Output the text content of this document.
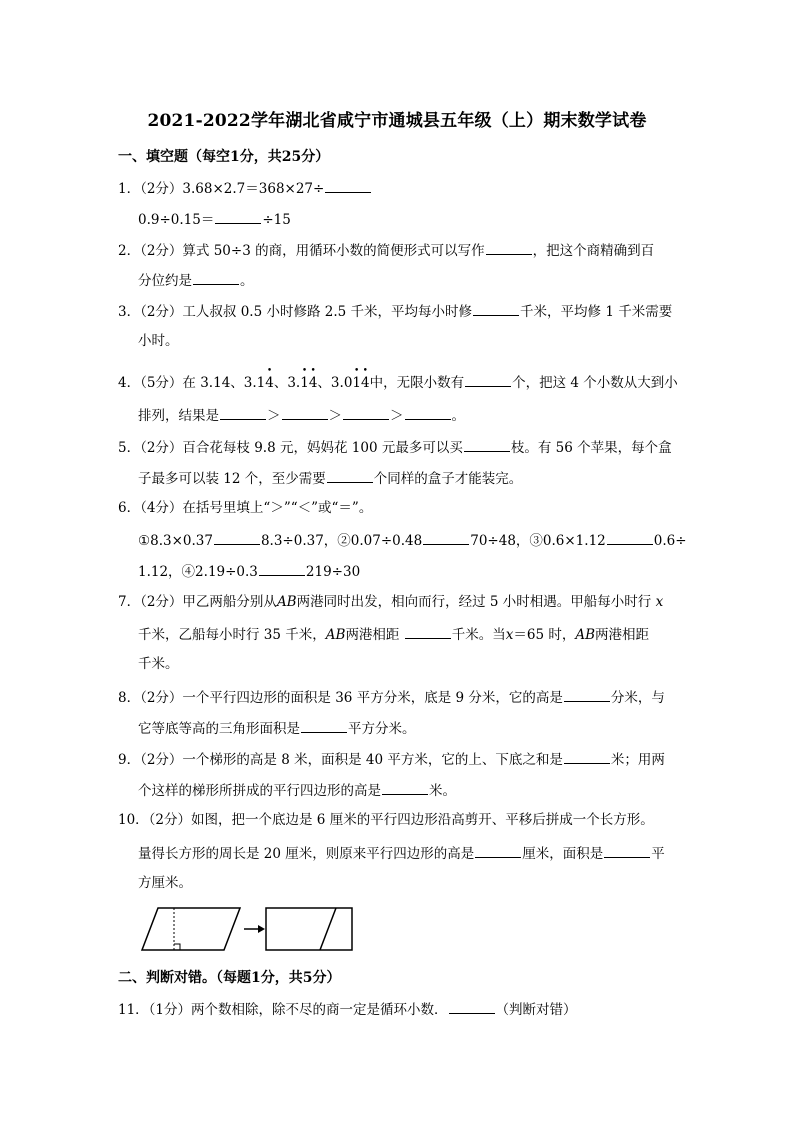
2021-2022学年湖北省咸宁市通城县五年级（上）期末数学试卷
一、填空题（每空1分，共25分）
1．（2分）3.68×2.7＝368×27÷
0.9÷0.15＝	÷15
2．（2分）算式 50÷3 的商，用循环小数的简便形式可以写作	，把这个商精确到百
分位约是	。
3．（2分）工人叔叔 0.5 小时修路 2.5 千米，平均每小时修	千米，平均修 1 千米需要
小时。
4．（5分）在 3.14、3.1
•
4、3.
•
1
•
4、3.0
•
1
•
4中，无限小数有	个，把这 4 个小数从大到小
排列，结果是	＞	＞	＞	。
5．（2分）百合花每枝 9.8 元，妈妈花 100 元最多可以买	枝。有 56 个苹果，每个盒
子最多可以装 12 个，至少需要	个同样的盒子才能装完。
6．（4分）在括号里填上“＞”“＜”或“＝”。
①8.3×0.37	8.3÷0.37，②0.07÷0.48	70÷48，③0.6×1.12	0.6÷
1.12，④2.19÷0.3	219÷30
7．（2分）甲乙两船分别从AB两港同时出发，相向而行，经过 5 小时相遇。甲船每小时行 x
千米，乙船每小时行 35 千米，AB两港相距	千米。当x＝65 时，AB两港相距
千米。
8．（2分）一个平行四边形的面积是 36 平方分米，底是 9 分米，它的高是	分米，与
它等底等高的三角形面积是	平方分米。
9．（2分）一个梯形的高是 8 米，面积是 40 平方米，它的上、下底之和是	米；用两
个这样的梯形所拼成的平行四边形的高是	米。
10．（2分）如图，把一个底边是 6 厘米的平行四边形沿高剪开、平移后拼成一个长方形。
量得长方形的周长是 20 厘米，则原来平行四边形的高是	厘米，面积是	平
方厘米。
二、判断对错。（每题1分，共5分）
11．（1分）两个数相除，除不尽的商一定是循环小数．	（判断对错）
